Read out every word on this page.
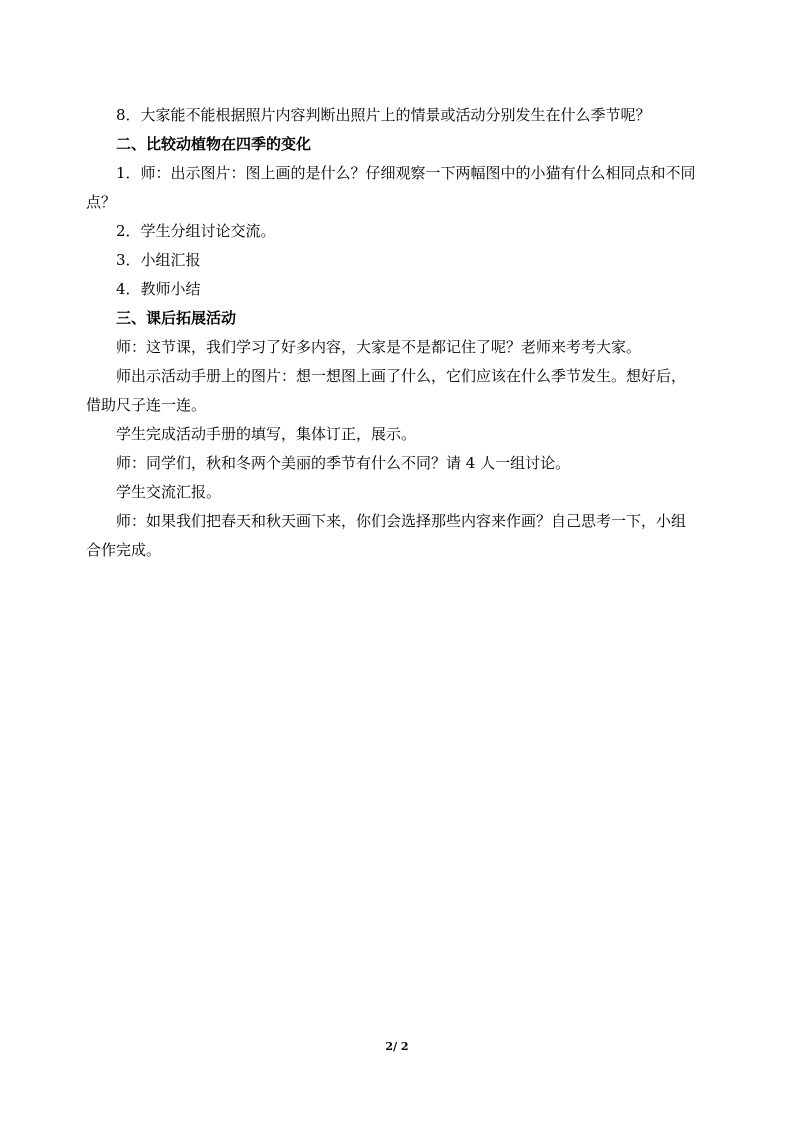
8．大家能不能根据照片内容判断出照片上的情景或活动分别发生在什么季节呢？
二、比较动植物在四季的变化
1．师：出示图片：图上画的是什么？仔细观察一下两幅图中的小猫有什么相同点和不同
点？
2．学生分组讨论交流。
3．小组汇报
4．教师小结
三、课后拓展活动
师：这节课，我们学习了好多内容，大家是不是都记住了呢？老师来考考大家。
师出示活动手册上的图片：想一想图上画了什么，它们应该在什么季节发生。想好后，
借助尺子连一连。
学生完成活动手册的填写，集体订正，展示。
师：同学们，秋和冬两个美丽的季节有什么不同？请 4 人一组讨论。
学生交流汇报。
师：如果我们把春天和秋天画下来，你们会选择那些内容来作画？自己思考一下，小组
合作完成。
2/ 2
